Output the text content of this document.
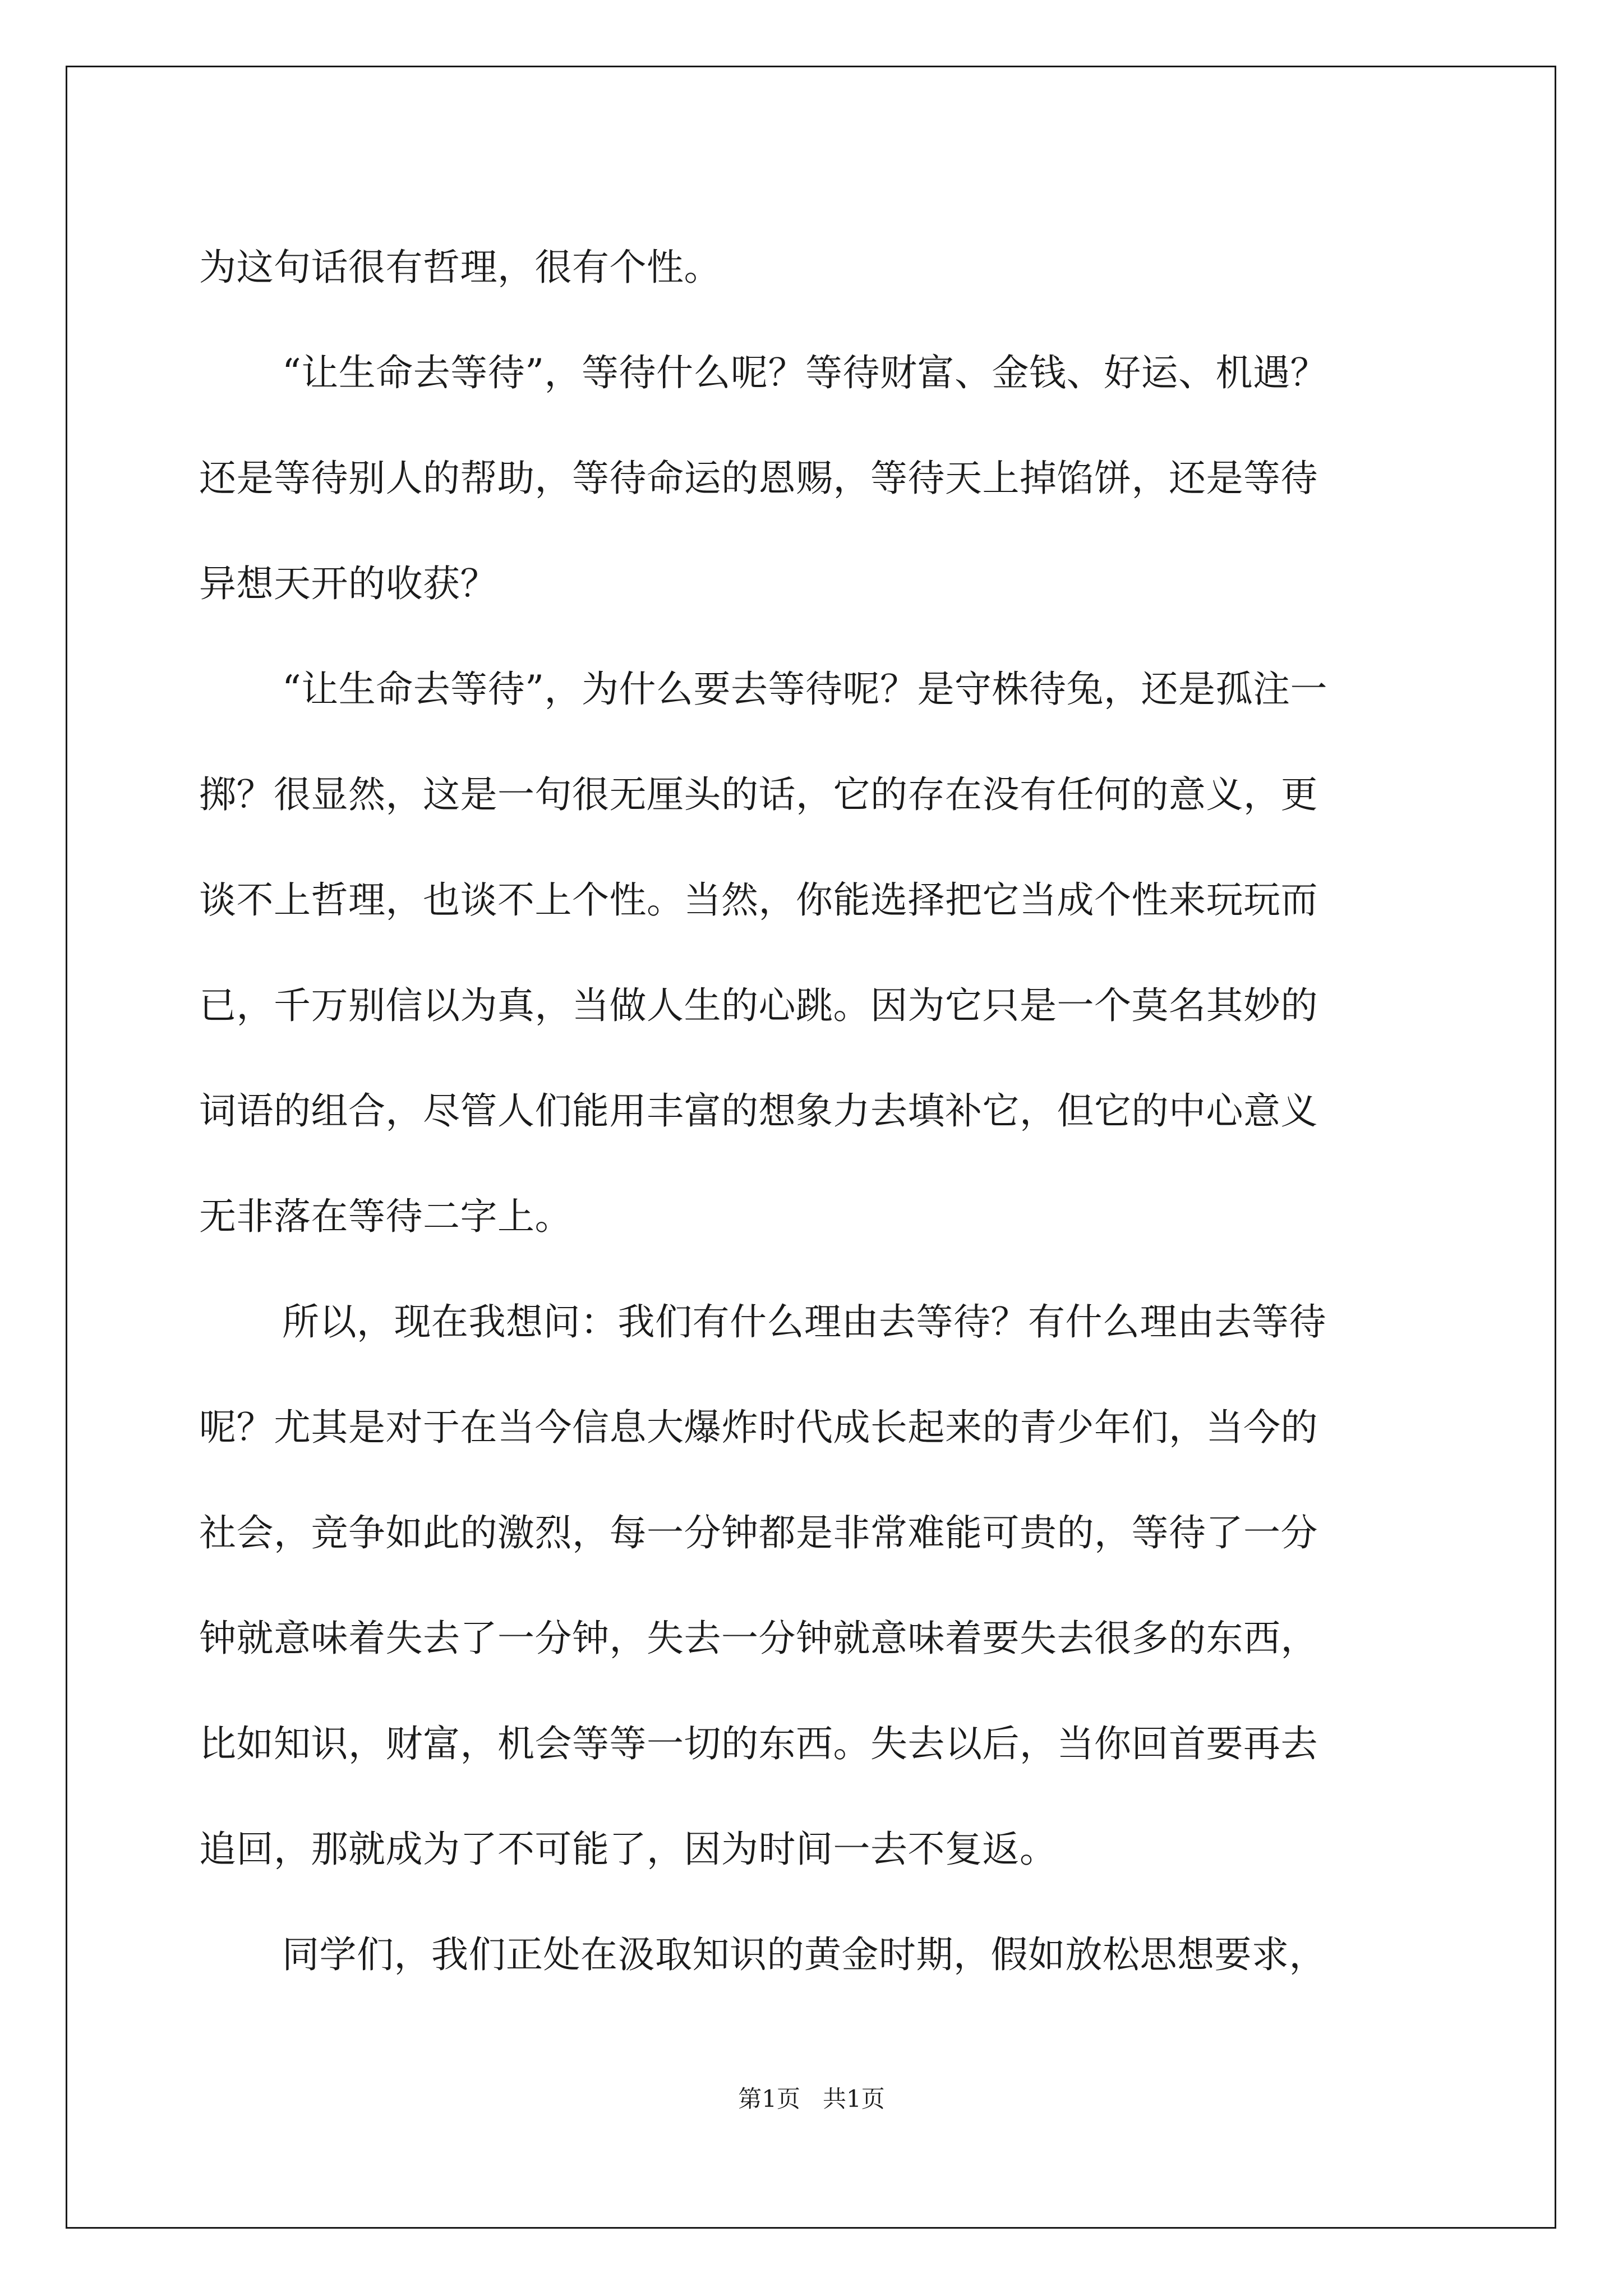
为这句话很有哲理，很有个性。
“让生命去等待”，等待什么呢？等待财富、金钱、好运、机遇？
还是等待别人的帮助，等待命运的恩赐，等待天上掉馅饼，还是等待
异想天开的收获？
“让生命去等待”，为什么要去等待呢？是守株待兔，还是孤注一
掷？很显然，这是一句很无厘头的话，它的存在没有任何的意义，更
谈不上哲理，也谈不上个性。当然，你能选择把它当成个性来玩玩而
已，千万别信以为真，当做人生的心跳。因为它只是一个莫名其妙的
词语的组合，尽管人们能用丰富的想象力去填补它，但它的中心意义
无非落在等待二字上。
所以，现在我想问：我们有什么理由去等待？有什么理由去等待
呢？尤其是对于在当今信息大爆炸时代成长起来的青少年们，当今的
社会，竞争如此的激烈，每一分钟都是非常难能可贵的，等待了一分
钟就意味着失去了一分钟，失去一分钟就意味着要失去很多的东西，
比如知识，财富，机会等等一切的东西。失去以后，当你回首要再去
追回，那就成为了不可能了，因为时间一去不复返。
同学们，我们正处在汲取知识的黄金时期，假如放松思想要求，
第1页   共1页
